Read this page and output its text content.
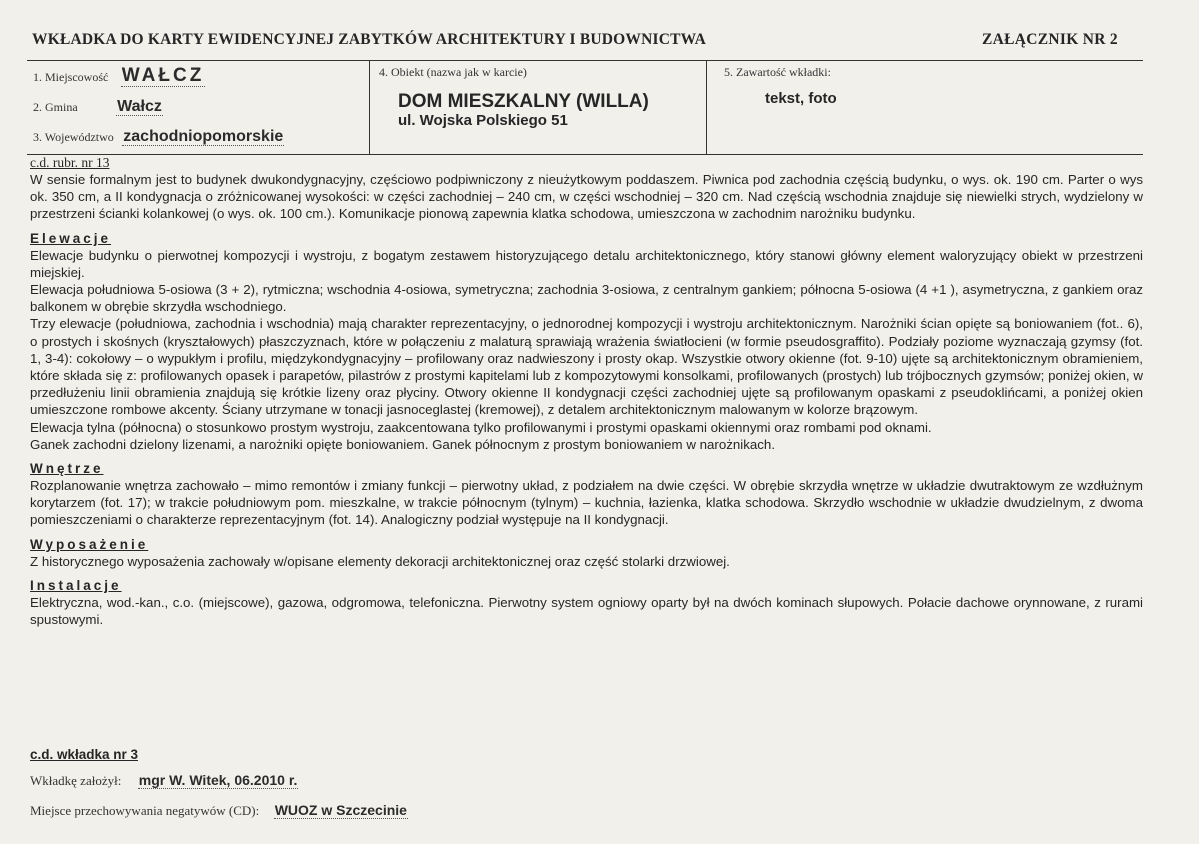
WKŁADKA DO KARTY EWIDENCYJNEJ ZABYTKÓW ARCHITEKTURY I BUDOWNICTWA	ZAŁĄCZNIK NR 2
1. Miejscowość WAŁCZ
2. Gmina Wałcz
3. Województwo zachodniopomorskie
4. Obiekt (nazwa jak w karcie)
DOM MIESZKALNY (WILLA)
ul. Wojska Polskiego 51
5. Zawartość wkładki:
tekst, foto
c.d. rubr. nr 13

W sensie formalnym jest to budynek dwukondygnacyjny, częściowo podpiwniczony z nieużytkowym poddaszem. Piwnica pod zachodnia częścią budynku, o wys. ok. 190 cm. Parter o wys ok. 350 cm, a II kondygnacja o zróżnicowanej wysokości: w części zachodniej – 240 cm, w części wschodniej – 320 cm. Nad częścią wschodnia znajduje się niewielki strych, wydzielony w przestrzeni ścianki kolankowej (o wys. ok. 100 cm.). Komunikacje pionową zapewnia klatka schodowa, umieszczona w zachodnim narożniku budynku.

Elewacje

Elewacje budynku o pierwotnej kompozycji i wystroju, z bogatym zestawem historyzującego detalu architektonicznego, który stanowi główny element waloryzujący obiekt w przestrzeni miejskiej.

Elewacja południowa 5-osiowa (3 + 2), rytmiczna; wschodnia 4-osiowa, symetryczna; zachodnia 3-osiowa, z centralnym gankiem; północna 5-osiowa (4 +1 ), asymetryczna, z gankiem oraz balkonem w obrębie skrzydła wschodniego.

Trzy elewacje (południowa, zachodnia i wschodnia) mają charakter reprezentacyjny, o jednorodnej kompozycji i wystroju architektonicznym. Narożniki ścian opięte są boniowaniem (fot.. 6), o prostych i skośnych (kryształowych) płaszczyznach, które w połączeniu z malaturą sprawiają wrażenia światłocieni (w formie pseudosgraffito). Podziały poziome wyznaczają gzymsy (fot. 1, 3-4): cokołowy – o wypukłym i profilu, międzykondygnacyjny – profilowany oraz nadwieszony i prosty okap. Wszystkie otwory okienne (fot. 9-10) ujęte są architektonicznym obramieniem, które składa się z: profilowanych opasek i parapetów, pilastrów z prostymi kapitelami lub z kompozytowymi konsolkami, profilowanych (prostych) lub trójbocznych gzymsów; poniżej okien, w przedłużeniu linii obramienia znajdują się krótkie lizeny oraz płyciny. Otwory okienne II kondygnacji części zachodniej ujęte są profilowanym opaskami z pseudoklińcami, a poniżej okien umieszczone rombowe akcenty. Ściany utrzymane w tonacji jasnoceglastej (kremowej), z detalem architektonicznym malowanym w kolorze brązowym.

Elewacja tylna (północna) o stosunkowo prostym wystroju, zaakcentowana tylko profilowanymi i prostymi opaskami okiennymi oraz rombami pod oknami.

Ganek zachodni dzielony lizenami, a narożniki opięte boniowaniem. Ganek północnym z prostym boniowaniem w narożnikach.

Wnętrze

Rozplanowanie wnętrza zachowało – mimo remontów i zmiany funkcji – pierwotny układ, z podziałem na dwie części. W obrębie skrzydła wnętrze w układzie dwutraktowym ze wzdłużnym korytarzem (fot. 17); w trakcie południowym pom. mieszkalne, w trakcie północnym (tylnym) – kuchnia, łazienka, klatka schodowa. Skrzydło wschodnie w układzie dwudzielnym, z dwoma pomieszczeniami o charakterze reprezentacyjnym (fot. 14). Analogiczny podział występuje na II kondygnacji.

Wyposażenie

Z historycznego wyposażenia zachowały w/opisane elementy dekoracji architektonicznej oraz część stolarki drzwiowej.

Instalacje

Elektryczna, wod.-kan., c.o. (miejscowe), gazowa, odgromowa, telefoniczna. Pierwotny system ogniowy oparty był na dwóch kominach słupowych. Połacie dachowe orynnowane, z rurami spustowymi.

c.d. wkładka nr 3
Wkładkę założył: mgr W. Witek, 06.2010 r.
Miejsce przechowywania negatywów (CD): WUOZ w Szczecinie
